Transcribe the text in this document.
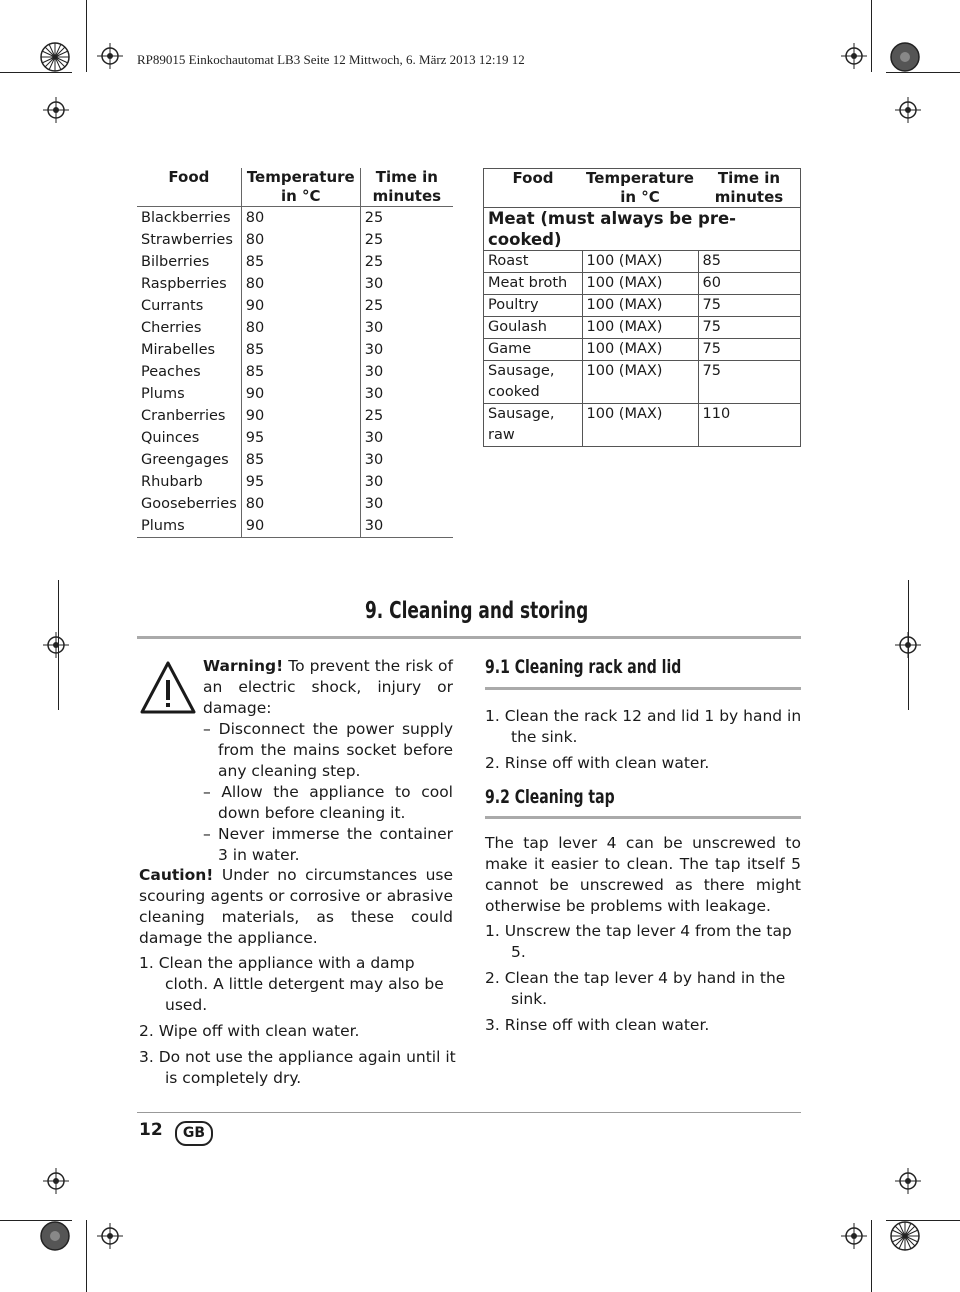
RP89015 Einkochautomat LB3 Seite 12 Mittwoch, 6. März 2013 12:19 12
Food	Temperature in °C	Time in minutes
Blackberries	80	25
Strawberries	80	25
Bilberries	85	25
Raspberries	80	30
Currants	90	25
Cherries	80	30
Mirabelles	85	30
Peaches	85	30
Plums	90	30
Cranberries	90	25
Quinces	95	30
Greengages	85	30
Rhubarb	95	30
Gooseberries	80	30
Plums	90	30
Food	Temperature in °C	Time in minutes
Meat (must always be pre-cooked)		
Roast	100 (MAX)	85
Meat broth	100 (MAX)	60
Poultry	100 (MAX)	75
Goulash	100 (MAX)	75
Game	100 (MAX)	75
Sausage, cooked	100 (MAX)	75
Sausage, raw	100 (MAX)	110
9. Cleaning and storing
Warning! To prevent the risk of an electric shock, injury or damage:
– Disconnect the power supply from the mains socket before any cleaning step.
– Allow the appliance to cool down before cleaning it.
– Never immerse the container 3 in water.
Caution! Under no circumstances use scouring agents or corrosive or abrasive cleaning materials, as these could damage the appliance.
1. Clean the appliance with a damp cloth. A little detergent may also be used.
2. Wipe off with clean water.
3. Do not use the appliance again until it is completely dry.
9.1 Cleaning rack and lid
1. Clean the rack 12 and lid 1 by hand in the sink.
2. Rinse off with clean water.
9.2 Cleaning tap
The tap lever 4 can be unscrewed to make it easier to clean. The tap itself 5 cannot be unscrewed as there might otherwise be problems with leakage.
1. Unscrew the tap lever 4 from the tap 5.
2. Clean the tap lever 4 by hand in the sink.
3. Rinse off with clean water.
12	GB
